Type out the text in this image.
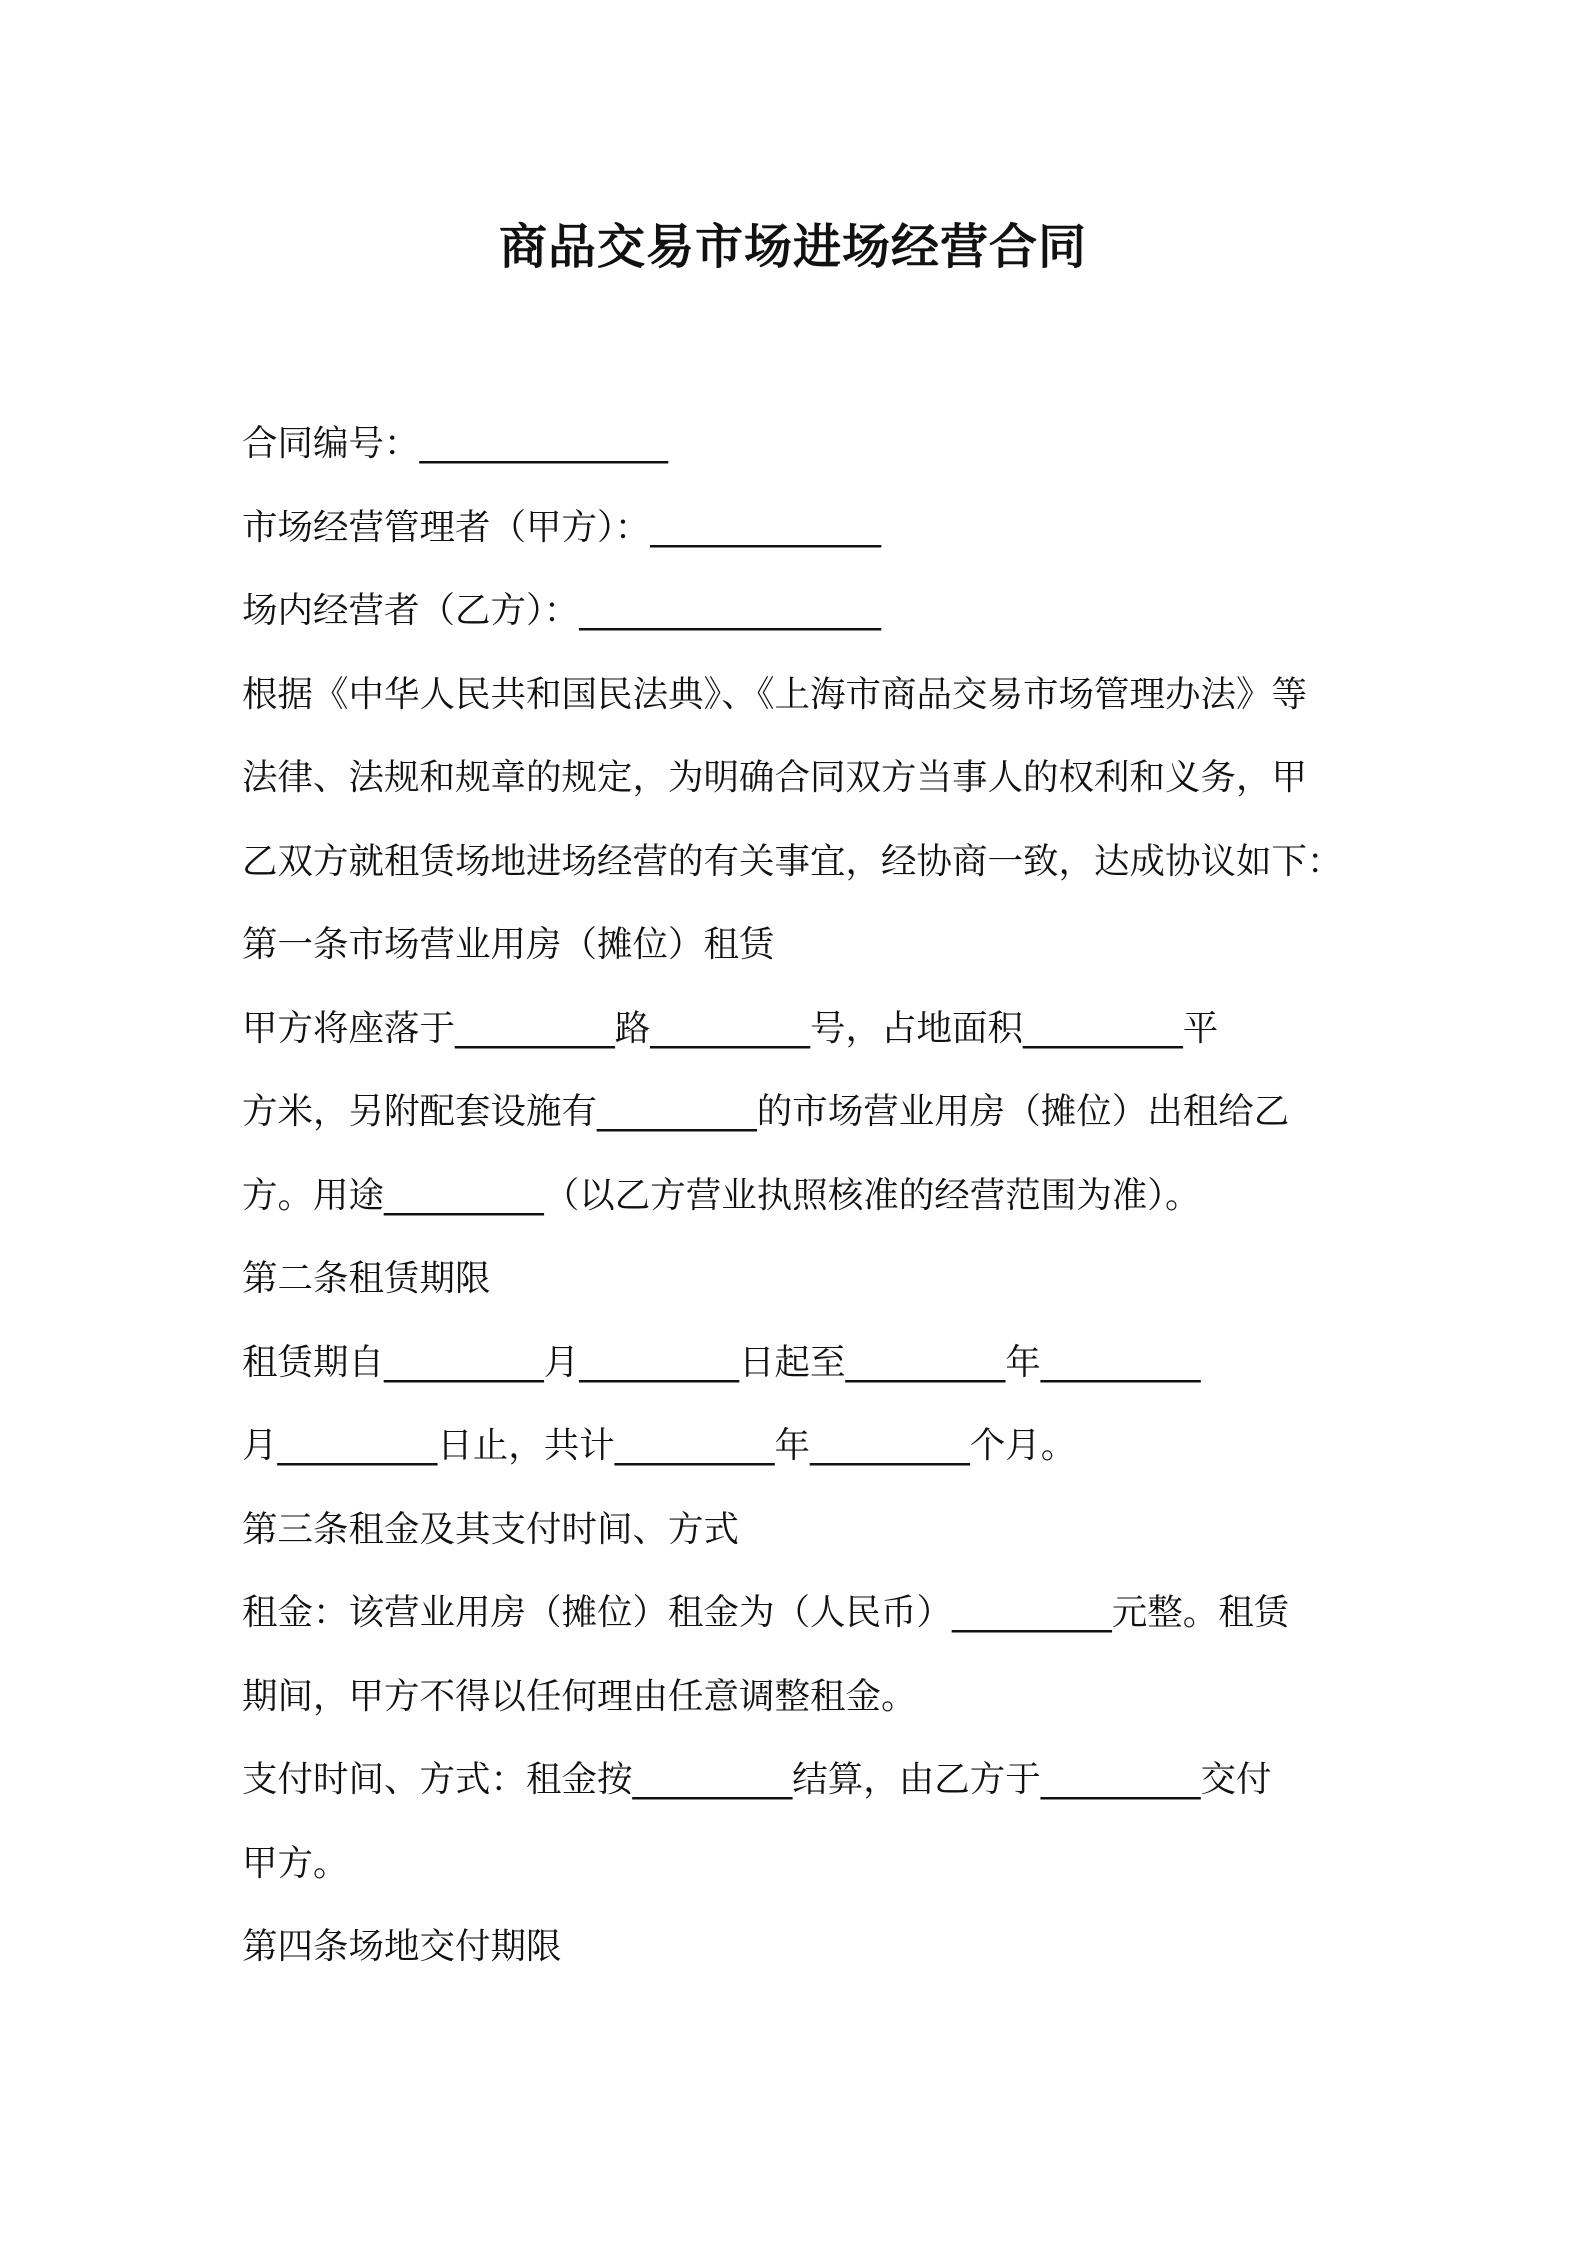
商品交易市场进场经营合同

合同编号：______________

市场经营管理者（甲方）：_____________

场内经营者（乙方）：_________________

根据《中华人民共和国民法典》、《上海市商品交易市场管理办法》等

法律、法规和规章的规定，为明确合同双方当事人的权利和义务，甲

乙双方就租赁场地进场经营的有关事宜，经协商一致，达成协议如下：

第一条市场营业用房（摊位）租赁

甲方将座落于_________路_________号，占地面积_________平

方米，另附配套设施有_________的市场营业用房（摊位）出租给乙

方。用途_________（以乙方营业执照核准的经营范围为准）。

第二条租赁期限

租赁期自_________月_________日起至_________年_________

月_________日止，共计_________年_________个月。

第三条租金及其支付时间、方式

租金：该营业用房（摊位）租金为（人民币）_________元整。租赁

期间，甲方不得以任何理由任意调整租金。

支付时间、方式：租金按_________结算，由乙方于_________交付

甲方。

第四条场地交付期限
